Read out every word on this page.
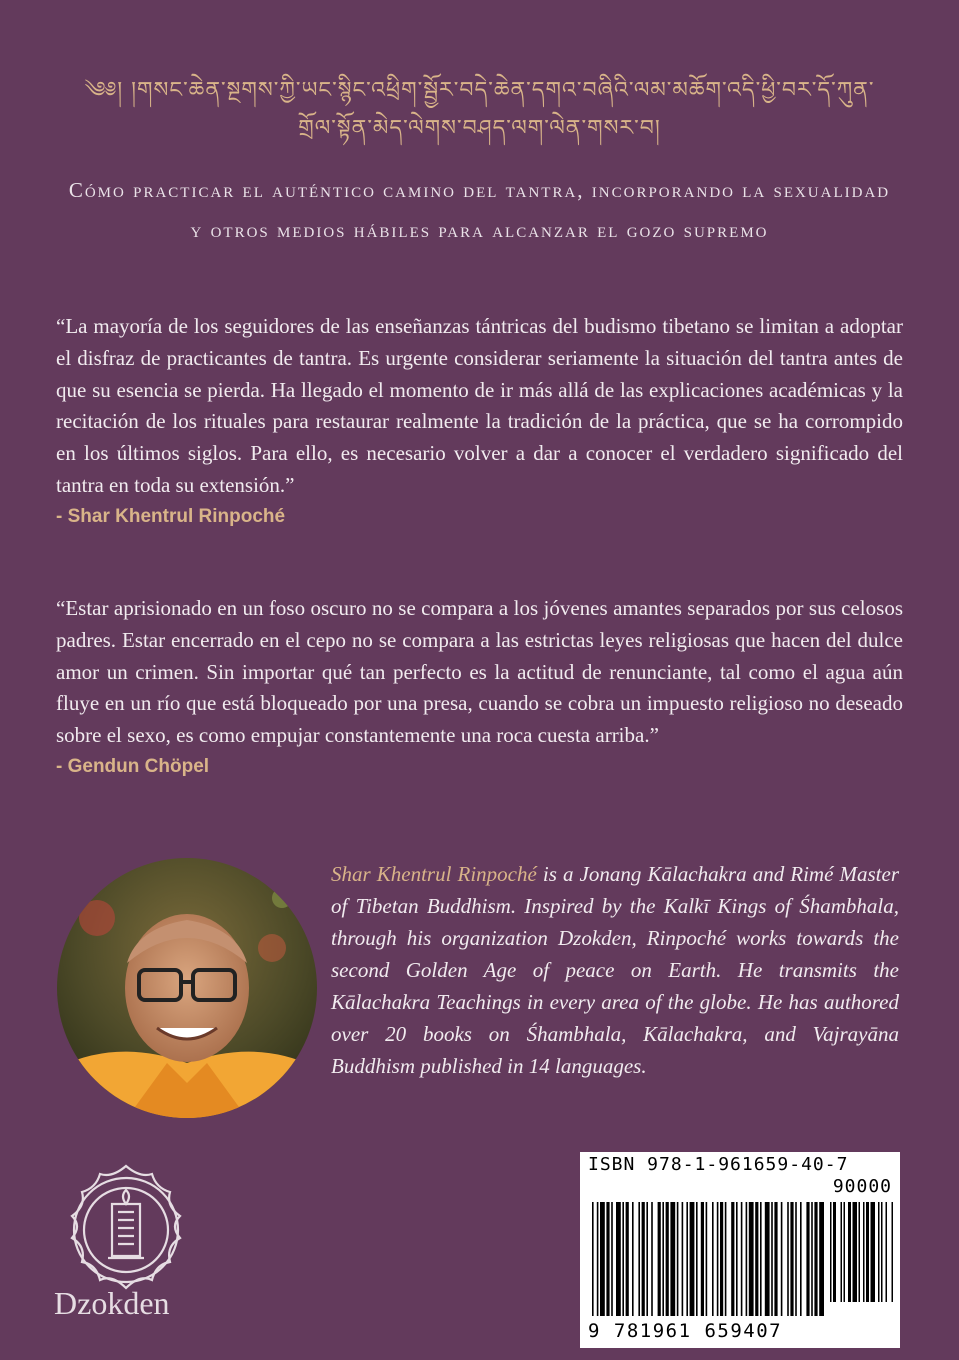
༄༅། །གསང་ཆེན་སྔགས་ཀྱི་ཡང་སྙིང་འཕྲིག་སྦྱོར་བདེ་ཆེན་དགའ་བཞིའི་ལམ་མཆོག་འདི་ཕྱི་བར་དོ་ཀུན་གྲོལ་སྟོན་མེད་ལེགས་བཤད་ལག་ལེན་གསར་བ།
Cómo practicar el auténtico camino del tantra, incorporando la sexualidad y otros medios hábiles para alcanzar el gozo supremo
“La mayoría de los seguidores de las enseñanzas tántricas del budismo tibetano se limitan a adoptar el disfraz de practicantes de tantra. Es urgente considerar seriamente la situación del tantra antes de que su esencia se pierda. Ha llegado el momento de ir más allá de las explicaciones académicas y la recitación de los rituales para restaurar realmente la tradición de la práctica, que se ha corrompido en los últimos siglos. Para ello, es necesario volver a dar a conocer el verdadero significado del tantra en toda su extensión.”
- Shar Khentrul Rinpoché
“Estar aprisionado en un foso oscuro no se compara a los jóvenes amantes separados por sus celosos padres. Estar encerrado en el cepo no se compara a las estrictas leyes religiosas que hacen del dulce amor un crimen. Sin importar qué tan perfecto es la actitud de renunciante, tal como el agua aún fluye en un río que está bloqueado por una presa, cuando se cobra un impuesto religioso no deseado sobre el sexo, es como empujar constantemente una roca cuesta arriba.”
- Gendun Chöpel
Shar Khentrul Rinpoché is a Jonang Kālachakra and Rimé Master of Tibetan Buddhism. Inspired by the Kalkī Kings of Śhambhala, through his organization Dzokden, Rinpoché works towards the second Golden Age of peace on Earth. He transmits the Kālachakra Teachings in every area of the globe. He has authored over 20 books on Śhambhala, Kālachakra, and Vajrayāna Buddhism published in 14 languages.
Dzokden
ISBN 978-1-961659-40-7
90000
9 781961 659407
